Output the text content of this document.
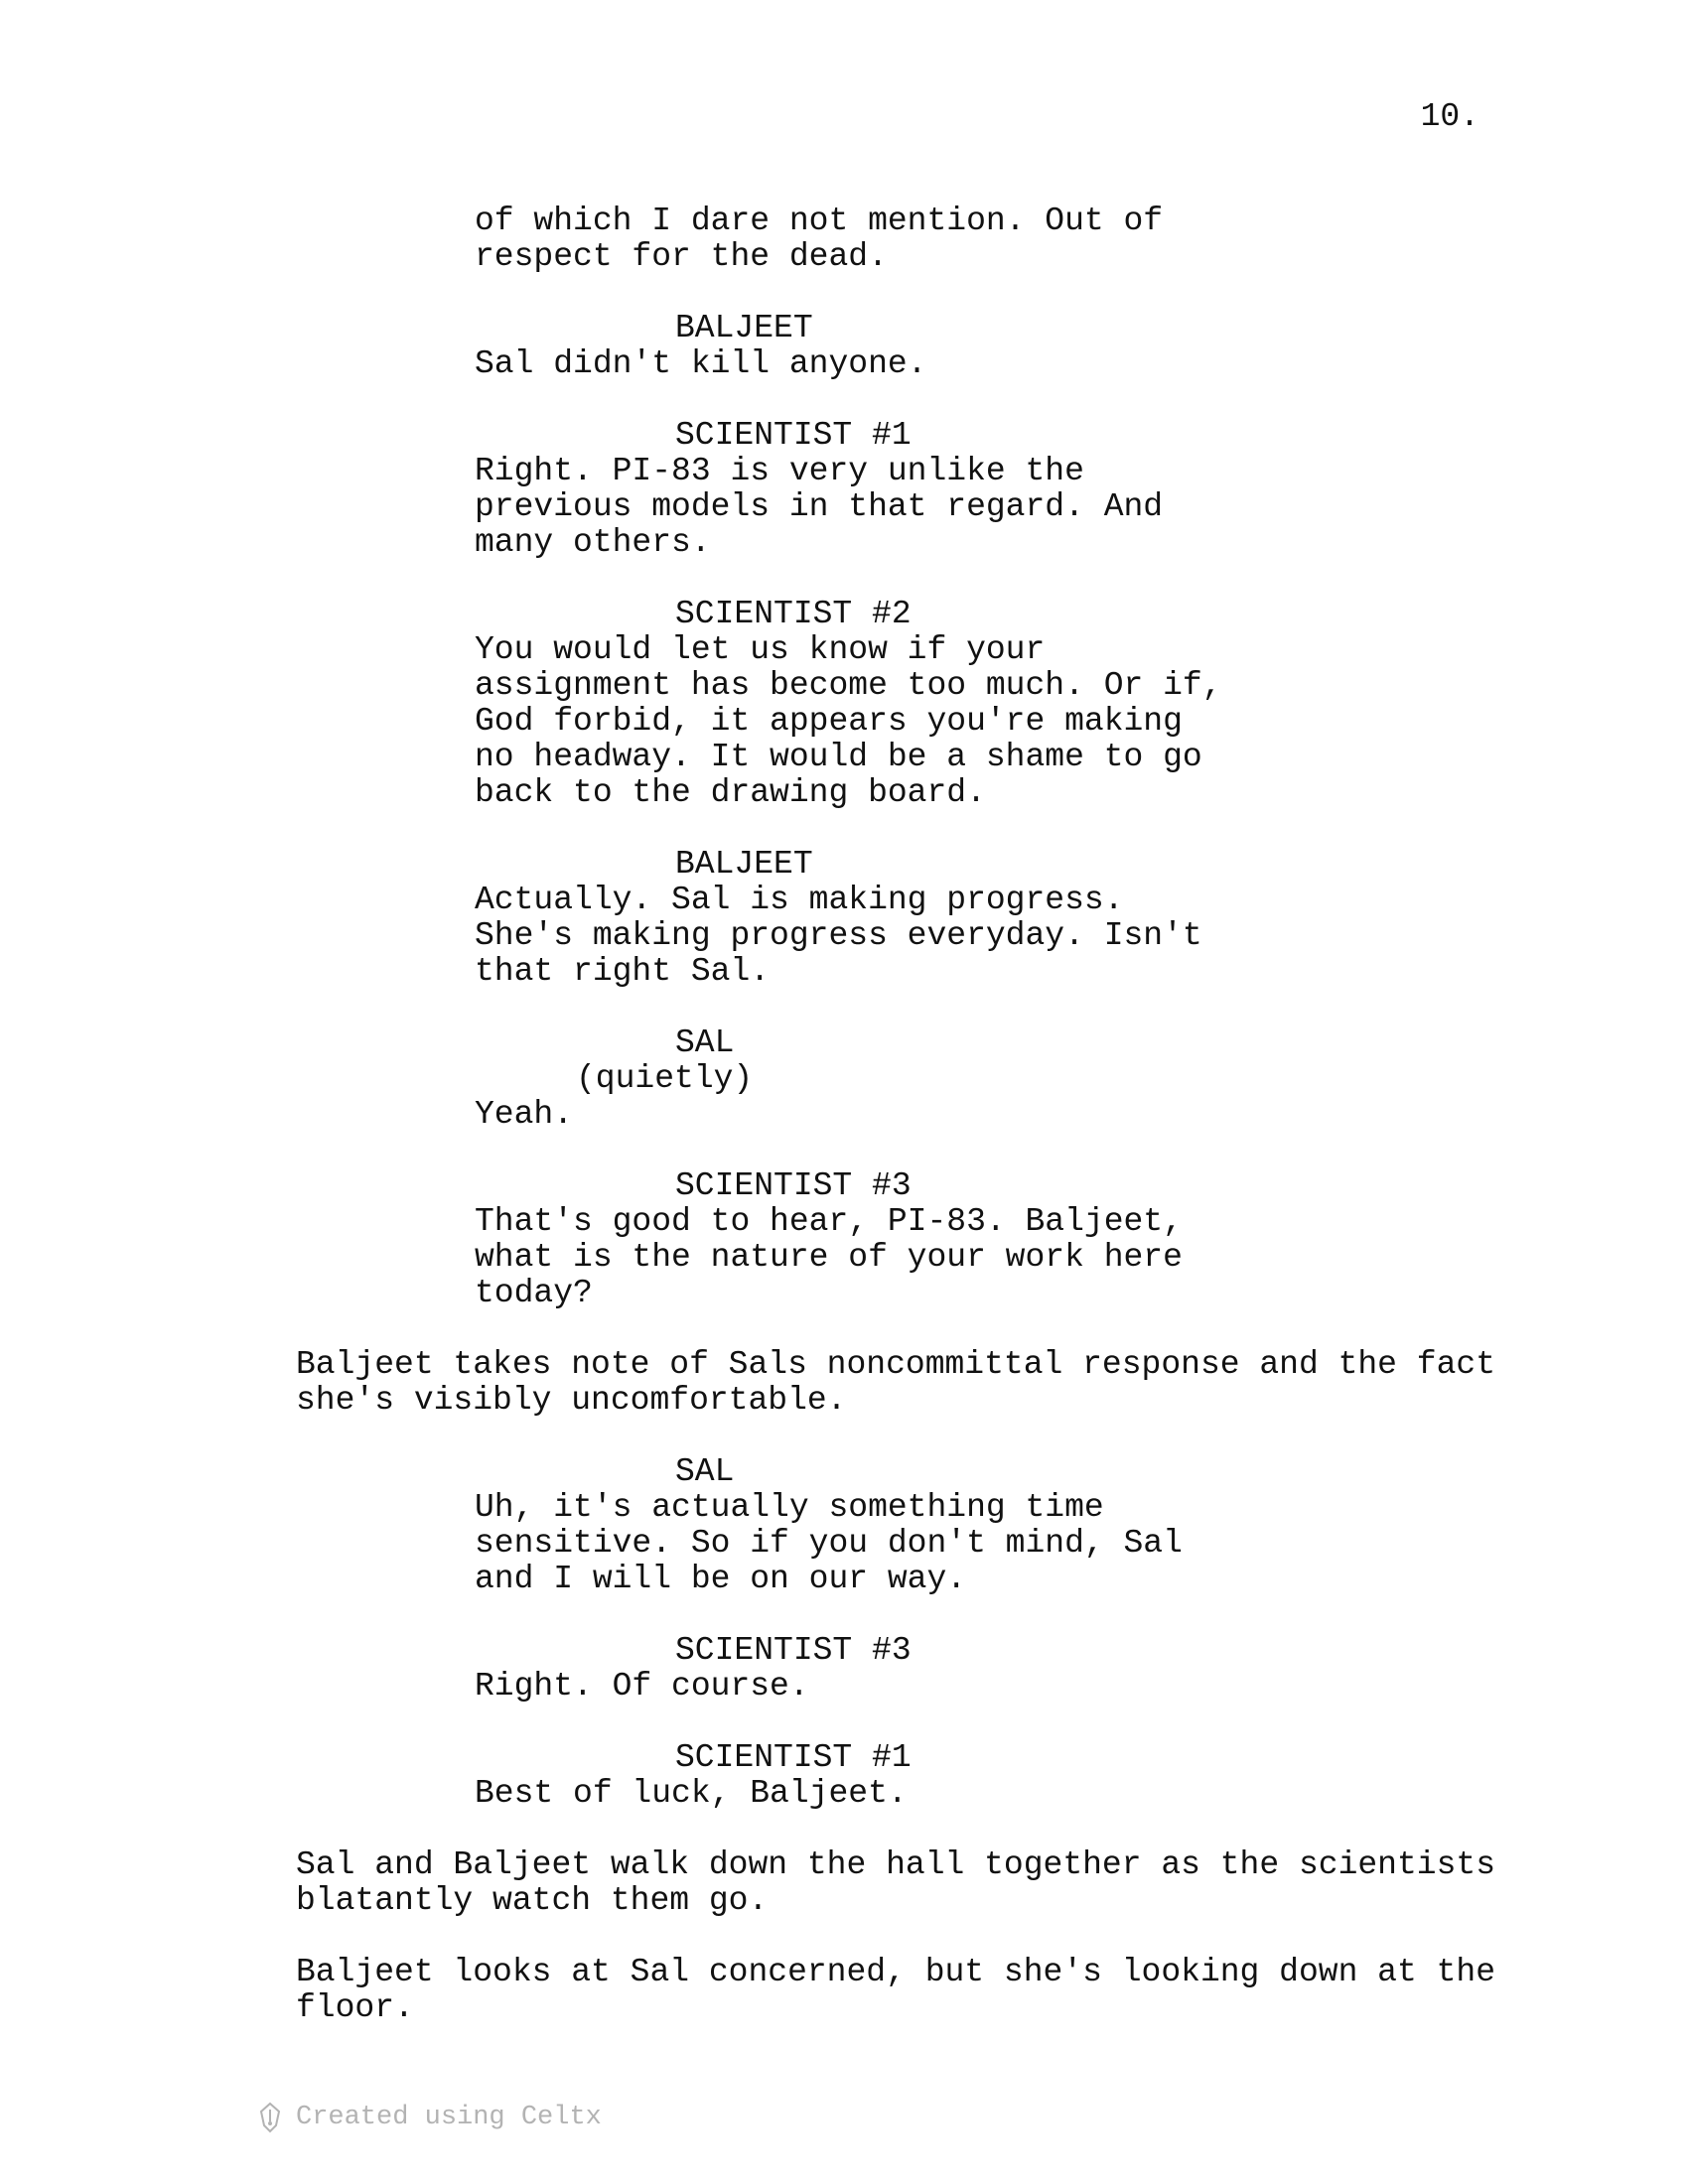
10.
of which I dare not mention. Out of
respect for the dead.
BALJEET
Sal didn't kill anyone.
SCIENTIST #1
Right. PI-83 is very unlike the
previous models in that regard. And
many others.
SCIENTIST #2
You would let us know if your
assignment has become too much. Or if,
God forbid, it appears you're making
no headway. It would be a shame to go
back to the drawing board.
BALJEET
Actually. Sal is making progress.
She's making progress everyday. Isn't
that right Sal.
SAL
(quietly)
Yeah.
SCIENTIST #3
That's good to hear, PI-83. Baljeet,
what is the nature of your work here
today?
Baljeet takes note of Sals noncommittal response and the fact
she's visibly uncomfortable.
SAL
Uh, it's actually something time
sensitive. So if you don't mind, Sal
and I will be on our way.
SCIENTIST #3
Right. Of course.
SCIENTIST #1
Best of luck, Baljeet.
Sal and Baljeet walk down the hall together as the scientists
blatantly watch them go.
Baljeet looks at Sal concerned, but she's looking down at the
floor.
Created using Celtx
